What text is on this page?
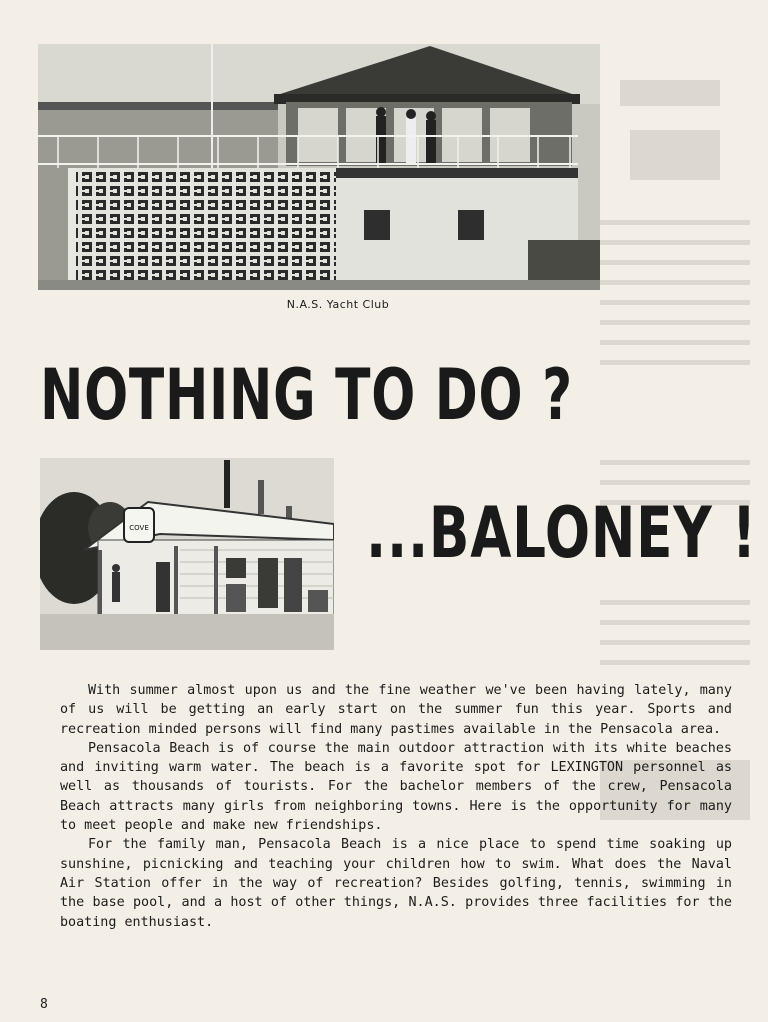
N.A.S. Yacht Club
NOTHING TO DO ?
COVE	...BALONEY !

With summer almost upon us and the fine weather we've been having lately, many of us will be getting an early start on the summer fun this year. Sports and recreation minded persons will find many pastimes available in the Pensacola area.

Pensacola Beach is of course the main outdoor attraction with its white beaches and inviting warm water. The beach is a favorite spot for LEXINGTON personnel as well as thousands of tourists. For the bachelor members of the crew, Pensacola Beach attracts many girls from neighboring towns. Here is the opportunity for many to meet people and make new friendships.

For the family man, Pensacola Beach is a nice place to spend time soaking up sunshine, picnicking and teaching your children how to swim. What does the Naval Air Station offer in the way of recreation? Besides golfing, tennis, swimming in the base pool, and a host of other things, N.A.S. provides three facilities for the boating enthusiast.

8
